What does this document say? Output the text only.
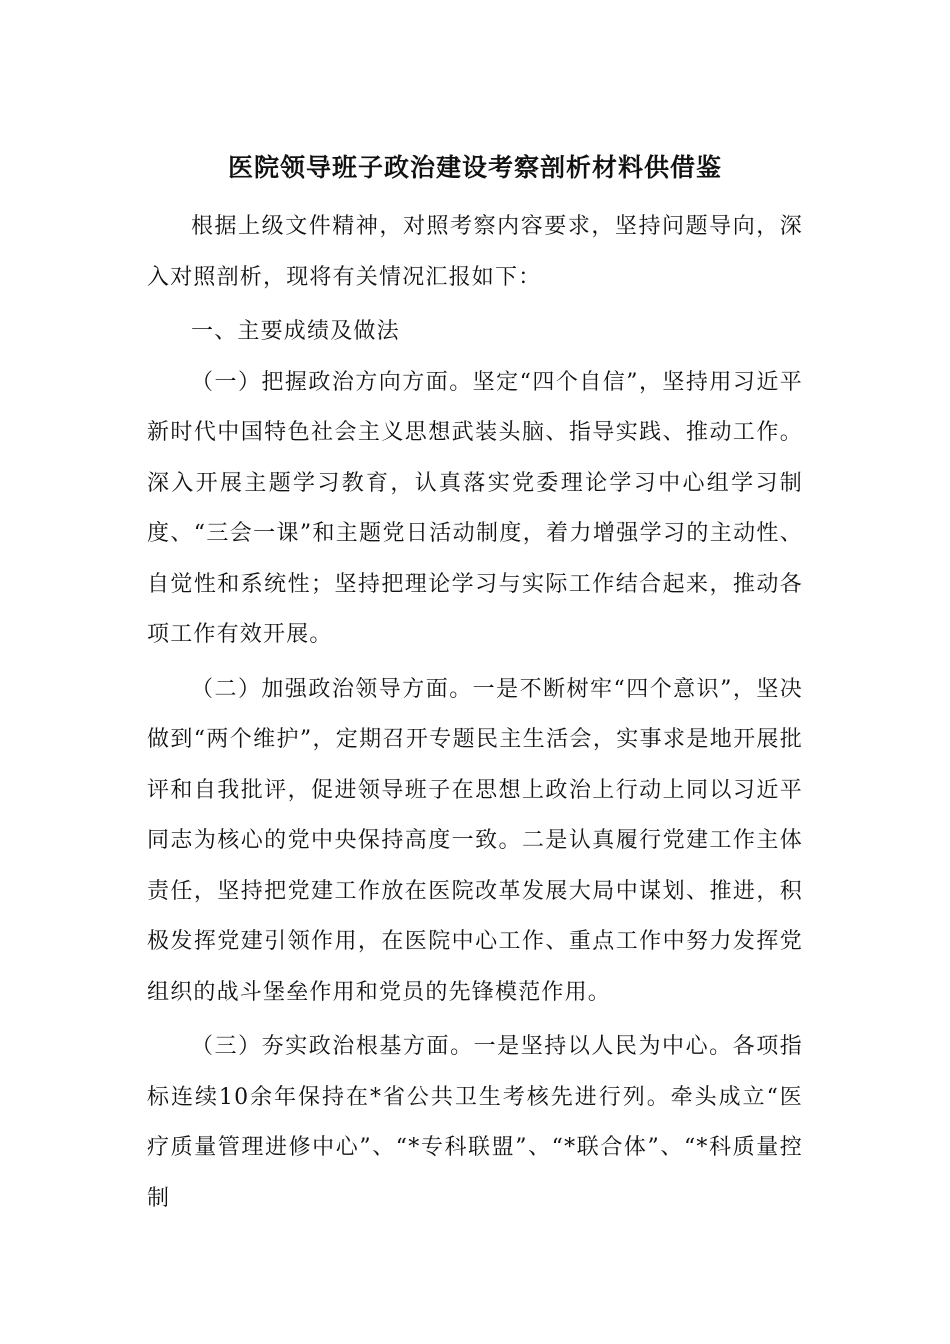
医院领导班子政治建设考察剖析材料供借鉴

根据上级文件精神，对照考察内容要求，坚持问题导向，深入对照剖析，现将有关情况汇报如下：

一、主要成绩及做法

（一）把握政治方向方面。坚定“四个自信”，坚持用习近平新时代中国特色社会主义思想武装头脑、指导实践、推动工作。深入开展主题学习教育，认真落实党委理论学习中心组学习制度、“三会一课”和主题党日活动制度，着力增强学习的主动性、自觉性和系统性；坚持把理论学习与实际工作结合起来，推动各项工作有效开展。

（二）加强政治领导方面。一是不断树牢“四个意识”，坚决做到“两个维护”，定期召开专题民主生活会，实事求是地开展批评和自我批评，促进领导班子在思想上政治上行动上同以习近平同志为核心的党中央保持高度一致。二是认真履行党建工作主体责任，坚持把党建工作放在医院改革发展大局中谋划、推进，积极发挥党建引领作用，在医院中心工作、重点工作中努力发挥党组织的战斗堡垒作用和党员的先锋模范作用。

（三）夯实政治根基方面。一是坚持以人民为中心。各项指标连续10余年保持在*省公共卫生考核先进行列。牵头成立“医疗质量管理进修中心”、“*专科联盟”、“*联合体”、“*科质量控制
